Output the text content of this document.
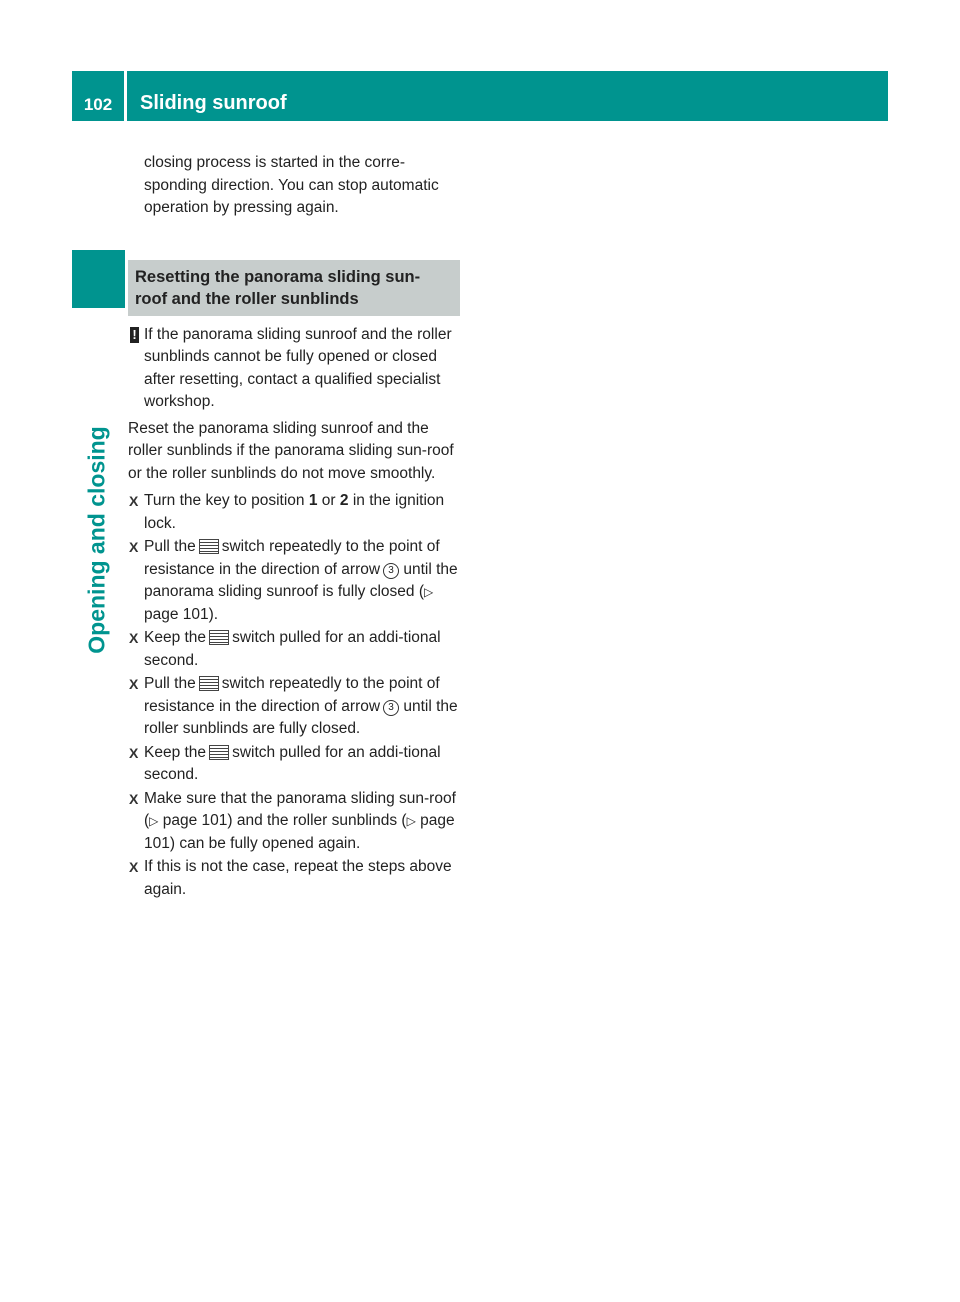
102	Sliding sunroof
Opening and closing

closing process is started in the corre-sponding direction. You can stop automatic operation by pressing again.

Resetting the panorama sliding sun-roof and the roller sunblinds

! If the panorama sliding sunroof and the roller sunblinds cannot be fully opened or closed after resetting, contact a qualified specialist workshop.

Reset the panorama sliding sunroof and the roller sunblinds if the panorama sliding sun-roof or the roller sunblinds do not move smoothly.

X Turn the key to position 1 or 2 in the ignition lock.

X Pull the switch repeatedly to the point of resistance in the direction of arrow 3 until the panorama sliding sunroof is fully closed (▷ page 101).

X Keep the switch pulled for an addi-tional second.

X Pull the switch repeatedly to the point of resistance in the direction of arrow 3 until the roller sunblinds are fully closed.

X Keep the switch pulled for an addi-tional second.

X Make sure that the panorama sliding sun-roof (▷ page 101) and the roller sunblinds (▷ page 101) can be fully opened again.

X If this is not the case, repeat the steps above again.
